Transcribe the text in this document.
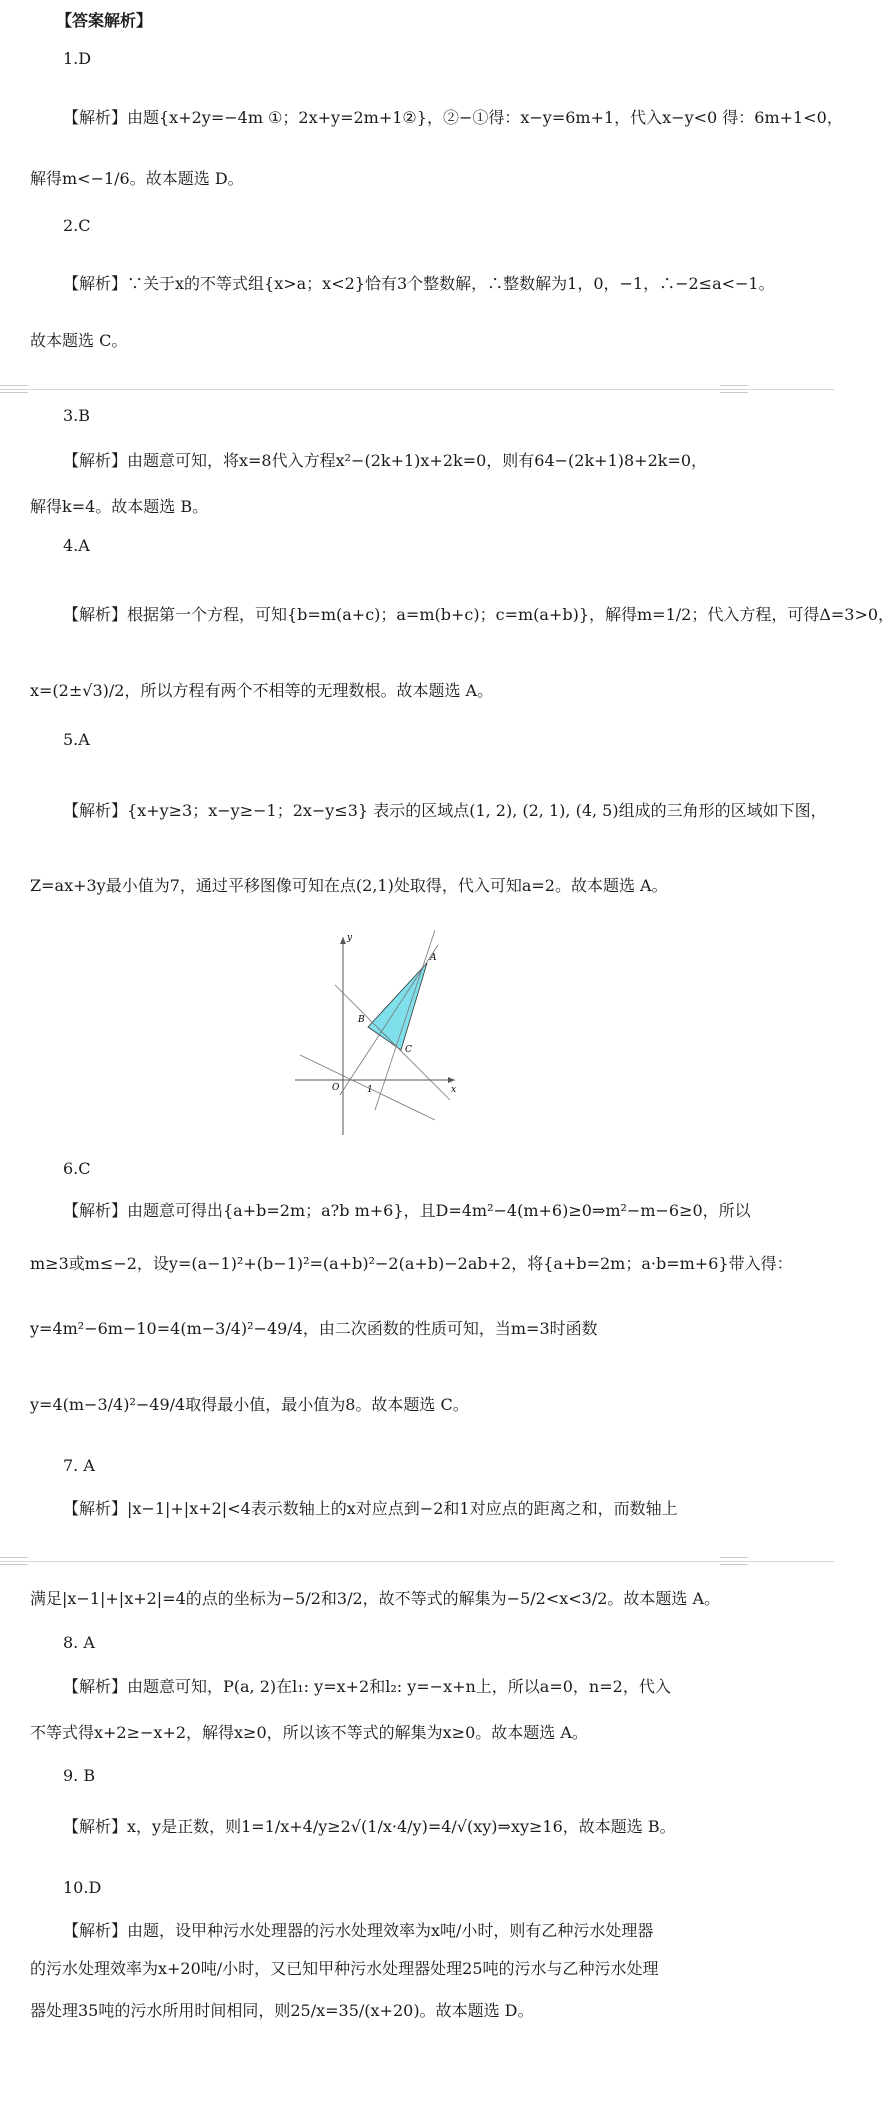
【答案解析】
1.D
【解析】由题{x+2y=−4m ①；2x+y=2m+1②}，②−①得：x−y=6m+1，代入x−y<0 得：6m+1<0，
解得m<−1/6。故本题选 D。
2.C
【解析】∵关于x的不等式组{x>a；x<2}恰有3个整数解，∴整数解为1，0，−1，∴−2≤a<−1。
故本题选 C。
3.B
【解析】由题意可知，将x=8代入方程x²−(2k+1)x+2k=0，则有64−(2k+1)8+2k=0，
解得k=4。故本题选 B。
4.A
【解析】根据第一个方程，可知{b=m(a+c)；a=m(b+c)；c=m(a+b)}，解得m=1/2；代入方程，可得Δ=3>0，
x=(2±√3)/2，所以方程有两个不相等的无理数根。故本题选 A。
5.A
【解析】{x+y≥3；x−y≥−1；2x−y≤3} 表示的区域点(1, 2), (2, 1), (4, 5)组成的三角形的区域如下图，
Z=ax+3y最小值为7，通过平移图像可知在点(2,1)处取得，代入可知a=2。故本题选 A。
y
x
O
A
B
C
1
6.C
【解析】由题意可得出{a+b=2m；a?b m+6}，且D=4m²−4(m+6)≥0⇒m²−m−6≥0，所以
m≥3或m≤−2，设y=(a−1)²+(b−1)²=(a+b)²−2(a+b)−2ab+2，将{a+b=2m；a·b=m+6}带入得：
y=4m²−6m−10=4(m−3/4)²−49/4，由二次函数的性质可知，当m=3时函数
y=4(m−3/4)²−49/4取得最小值，最小值为8。故本题选 C。
7. A
【解析】|x−1|+|x+2|<4表示数轴上的x对应点到−2和1对应点的距离之和，而数轴上
满足|x−1|+|x+2|=4的点的坐标为−5/2和3/2，故不等式的解集为−5/2<x<3/2。故本题选 A。
8. A
【解析】由题意可知，P(a, 2)在l₁: y=x+2和l₂: y=−x+n上，所以a=0，n=2，代入
不等式得x+2≥−x+2，解得x≥0，所以该不等式的解集为x≥0。故本题选 A。
9. B
【解析】x，y是正数，则1=1/x+4/y≥2√(1/x·4/y)=4/√(xy)⇒xy≥16，故本题选 B。
10.D
【解析】由题，设甲种污水处理器的污水处理效率为x吨/小时，则有乙种污水处理器
的污水处理效率为x+20吨/小时，又已知甲种污水处理器处理25吨的污水与乙种污水处理
器处理35吨的污水所用时间相同，则25/x=35/(x+20)。故本题选 D。
